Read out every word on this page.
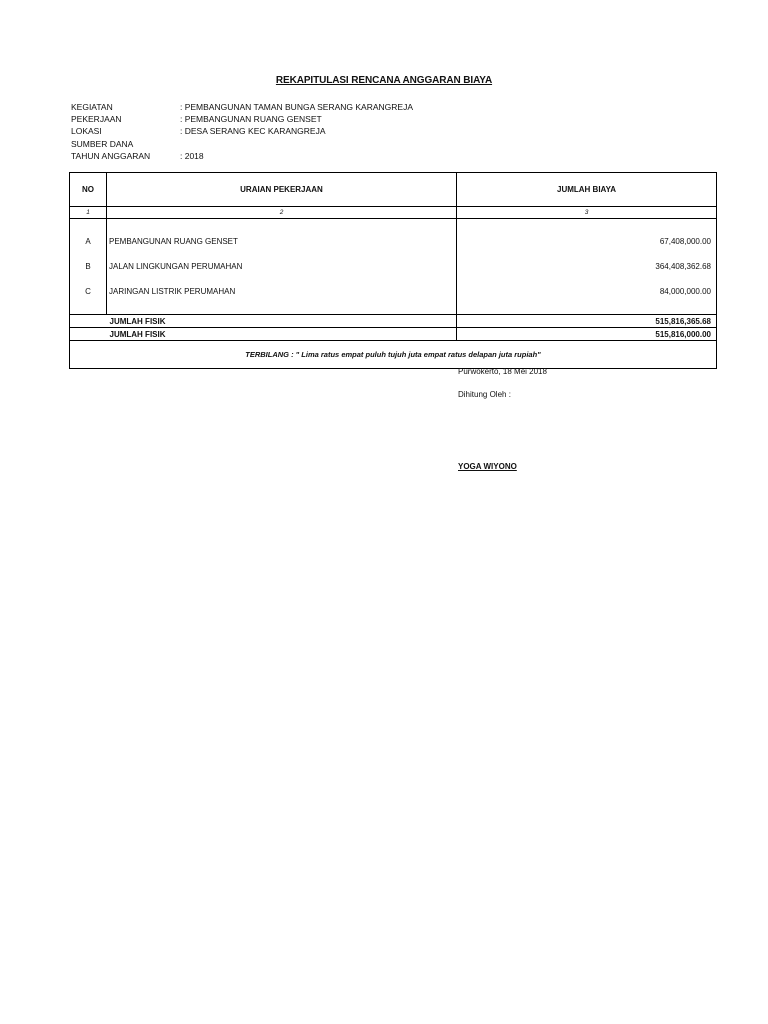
REKAPITULASI RENCANA ANGGARAN BIAYA
KEGIATAN	: PEMBANGUNAN TAMAN BUNGA SERANG KARANGREJA
PEKERJAAN	: PEMBANGUNAN RUANG GENSET
LOKASI	: DESA SERANG KEC KARANGREJA
SUMBER DANA
TAHUN ANGGARAN	: 2018
NO	URAIAN PEKERJAAN	JUMLAH BIAYA
1	2	3

A	PEMBANGUNAN RUANG GENSET	67,408,000.00
B	JALAN LINGKUNGAN PERUMAHAN	364,408,362.68
C	JARINGAN LISTRIK PERUMAHAN	84,000,000.00

	JUMLAH FISIK	515,816,365.68
	JUMLAH FISIK	515,816,000.00
TERBILANG : " Lima ratus empat puluh tujuh juta empat ratus delapan juta rupiah"		
Purwokerto, 18 Mei 2018
Dihitung Oleh :
YOGA WIYONO
